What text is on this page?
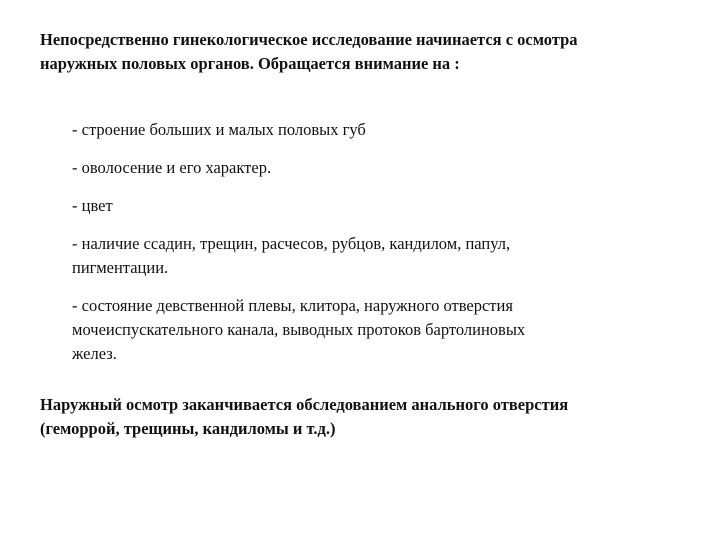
Непосредственно гинекологическое исследование начинается с осмотра
наружных половых органов. Обращается внимание на :

- строение больших и малых половых губ
- оволосение и его характер.
- цвет
- наличие ссадин, трещин, расчесов, рубцов, кандилом, папул,
пигментации.
- состояние девственной плевы, клитора, наружного отверстия
мочеиспускательного канала, выводных протоков бартолиновых
желез.

Наружный осмотр заканчивается обследованием анального отверстия
(геморрой, трещины, кандиломы и т.д.)
